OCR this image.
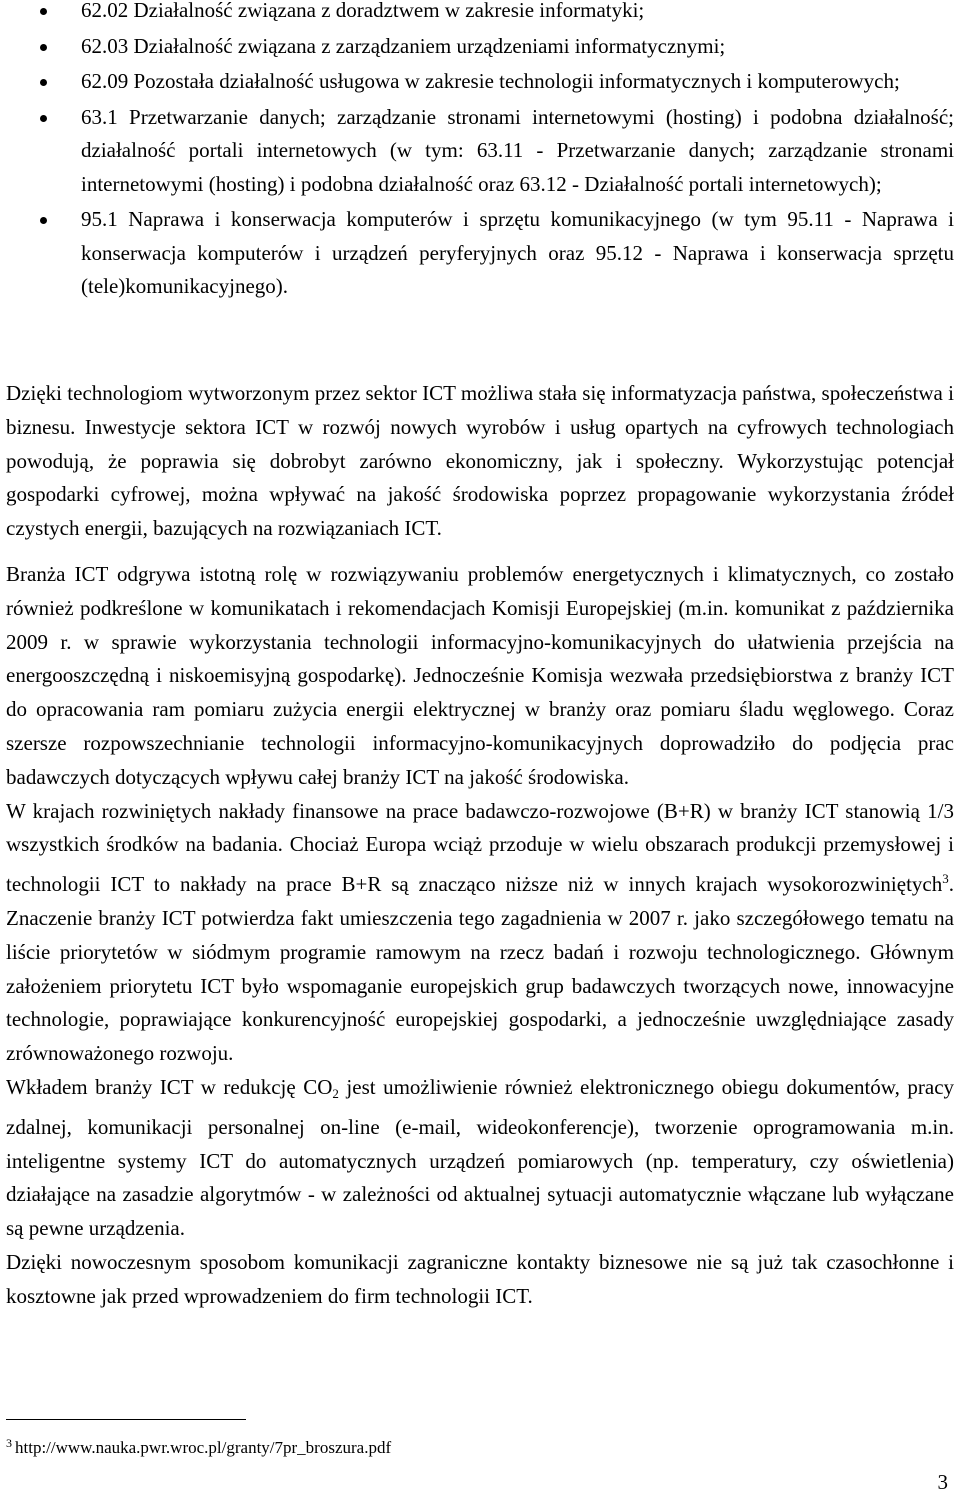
62.02 Działalność związana z doradztwem w zakresie informatyki;
62.03 Działalność związana z zarządzaniem urządzeniami informatycznymi;
62.09 Pozostała działalność usługowa w zakresie technologii informatycznych i komputerowych;
63.1 Przetwarzanie danych; zarządzanie stronami internetowymi (hosting) i podobna działalność; działalność portali internetowych (w tym: 63.11 - Przetwarzanie danych; zarządzanie stronami internetowymi (hosting) i podobna działalność oraz 63.12 - Działalność portali internetowych);
95.1 Naprawa i konserwacja komputerów i sprzętu komunikacyjnego (w tym 95.11 - Naprawa i konserwacja komputerów i urządzeń peryferyjnych oraz 95.12 - Naprawa i konserwacja sprzętu (tele)komunikacyjnego).

Dzięki technologiom wytworzonym przez sektor ICT możliwa stała się informatyzacja państwa, społeczeństwa i biznesu. Inwestycje sektora ICT w rozwój nowych wyrobów i usług opartych na cyfrowych technologiach powodują, że poprawia się dobrobyt zarówno ekonomiczny, jak i społeczny. Wykorzystując potencjał gospodarki cyfrowej, można wpływać na jakość środowiska poprzez propagowanie wykorzystania źródeł czystych energii, bazujących na rozwiązaniach ICT.

Branża ICT odgrywa istotną rolę w rozwiązywaniu problemów energetycznych i klimatycznych, co zostało również podkreślone w komunikatach i rekomendacjach Komisji Europejskiej (m.in. komunikat z października 2009 r. w sprawie wykorzystania technologii informacyjno-komunikacyjnych do ułatwienia przejścia na energooszczędną i niskoemisyjną gospodarkę). Jednocześnie Komisja wezwała przedsiębiorstwa z branży ICT do opracowania ram pomiaru zużycia energii elektrycznej w branży oraz pomiaru śladu węglowego. Coraz szersze rozpowszechnianie technologii informacyjno-komunikacyjnych doprowadziło do podjęcia prac badawczych dotyczących wpływu całej branży ICT na jakość środowiska.

W krajach rozwiniętych nakłady finansowe na prace badawczo-rozwojowe (B+R) w branży ICT stanowią 1/3 wszystkich środków na badania. Chociaż Europa wciąż przoduje w wielu obszarach produkcji przemysłowej i technologii ICT to nakłady na prace B+R są znacząco niższe niż w innych krajach wysokorozwiniętych$^3$. Znaczenie branży ICT potwierdza fakt umieszczenia tego zagadnienia w 2007 r. jako szczegółowego tematu na liście priorytetów w siódmym programie ramowym na rzecz badań i rozwoju technologicznego. Głównym założeniem priorytetu ICT było wspomaganie europejskich grup badawczych tworzących nowe, innowacyjne technologie, poprawiające konkurencyjność europejskiej gospodarki, a jednocześnie uwzględniające zasady zrównoważonego rozwoju.

Wkładem branży ICT w redukcję $CO_2$ jest umożliwienie również elektronicznego obiegu dokumentów, pracy zdalnej, komunikacji personalnej on-line (e-mail, wideokonferencje), tworzenie oprogramowania m.in. inteligentne systemy ICT do automatycznych urządzeń pomiarowych (np. temperatury, czy oświetlenia) działające na zasadzie algorytmów - w zależności od aktualnej sytuacji automatycznie włączane lub wyłączane są pewne urządzenia.

Dzięki nowoczesnym sposobom komunikacji zagraniczne kontakty biznesowe nie są już tak czasochłonne i kosztowne jak przed wprowadzeniem do firm technologii ICT.

$^3$ http://www.nauka.pwr.wroc.pl/granty/7pr_broszura.pdf
3
